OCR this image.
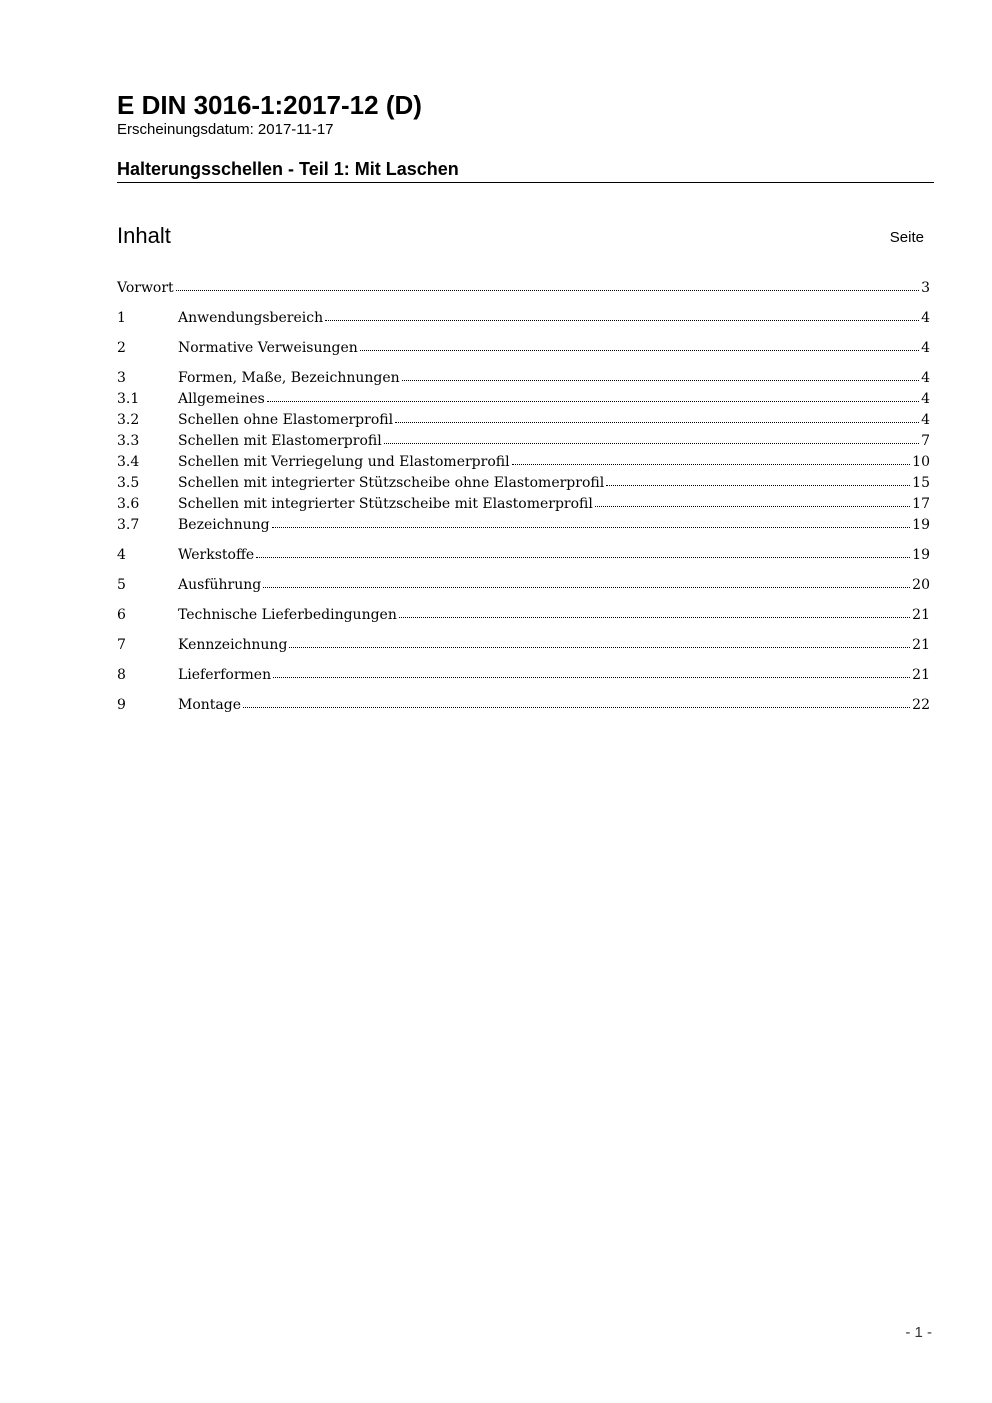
E DIN 3016-1:2017-12 (D)
Erscheinungsdatum: 2017-11-17
Halterungsschellen - Teil 1: Mit Laschen
Inhalt	Seite
Vorwort	3
1	Anwendungsbereich	4
2	Normative Verweisungen	4
3	Formen, Maße, Bezeichnungen	4
3.1	Allgemeines	4
3.2	Schellen ohne Elastomerprofil	4
3.3	Schellen mit Elastomerprofil	7
3.4	Schellen mit Verriegelung und Elastomerprofil	10
3.5	Schellen mit integrierter Stützscheibe ohne Elastomerprofil	15
3.6	Schellen mit integrierter Stützscheibe mit Elastomerprofil	17
3.7	Bezeichnung	19
4	Werkstoffe	19
5	Ausführung	20
6	Technische Lieferbedingungen	21
7	Kennzeichnung	21
8	Lieferformen	21
9	Montage	22
- 1 -
